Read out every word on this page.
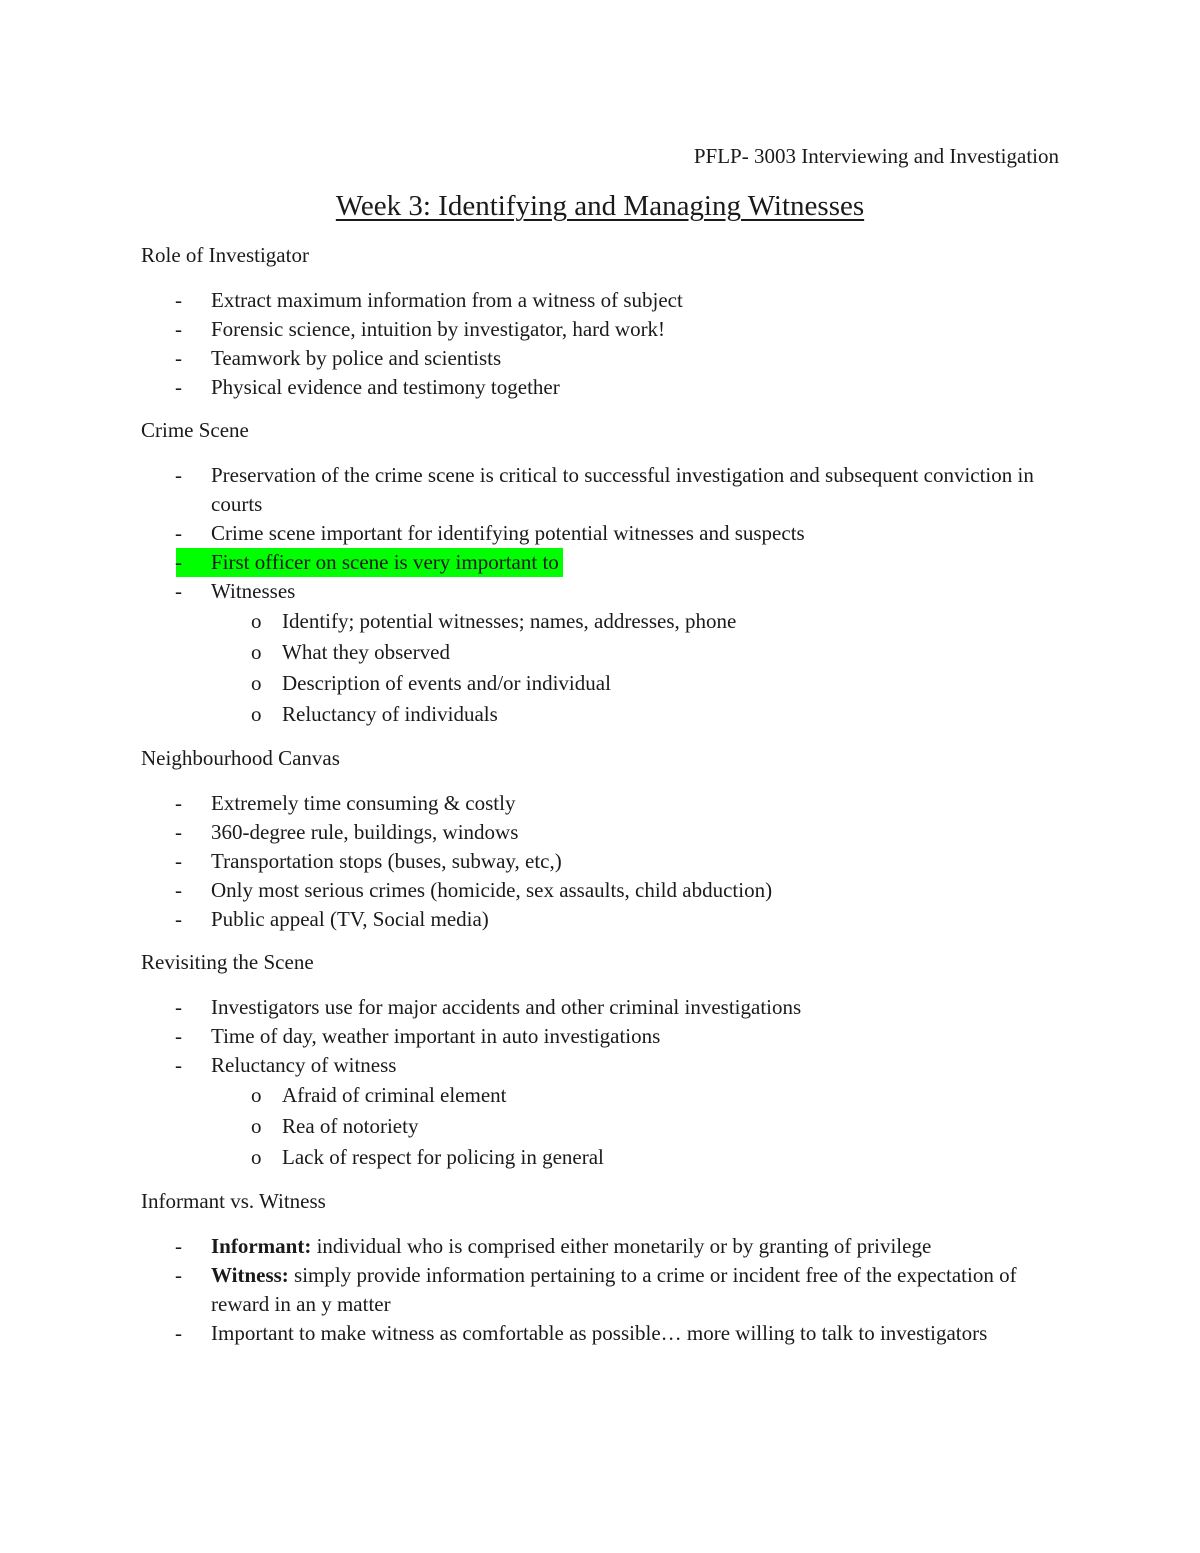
PFLP- 3003 Interviewing and Investigation
Week 3: Identifying and Managing Witnesses
Role of Investigator
- Extract maximum information from a witness of subject
- Forensic science, intuition by investigator, hard work!
- Teamwork by police and scientists
- Physical evidence and testimony together
Crime Scene
- Preservation of the crime scene is critical to successful investigation and subsequent conviction in courts
- Crime scene important for identifying potential witnesses and suspects
- First officer on scene is very important to
- Witnesses
o Identify; potential witnesses; names, addresses, phone
o What they observed
o Description of events and/or individual
o Reluctancy of individuals
Neighbourhood Canvas
- Extremely time consuming & costly
- 360-degree rule, buildings, windows
- Transportation stops (buses, subway, etc,)
- Only most serious crimes (homicide, sex assaults, child abduction)
- Public appeal (TV, Social media)
Revisiting the Scene
- Investigators use for major accidents and other criminal investigations
- Time of day, weather important in auto investigations
- Reluctancy of witness
o Afraid of criminal element
o Rea of notoriety
o Lack of respect for policing in general
Informant vs. Witness
- Informant: individual who is comprised either monetarily or by granting of privilege
- Witness: simply provide information pertaining to a crime or incident free of the expectation of reward in an y matter
- Important to make witness as comfortable as possible… more willing to talk to investigators
